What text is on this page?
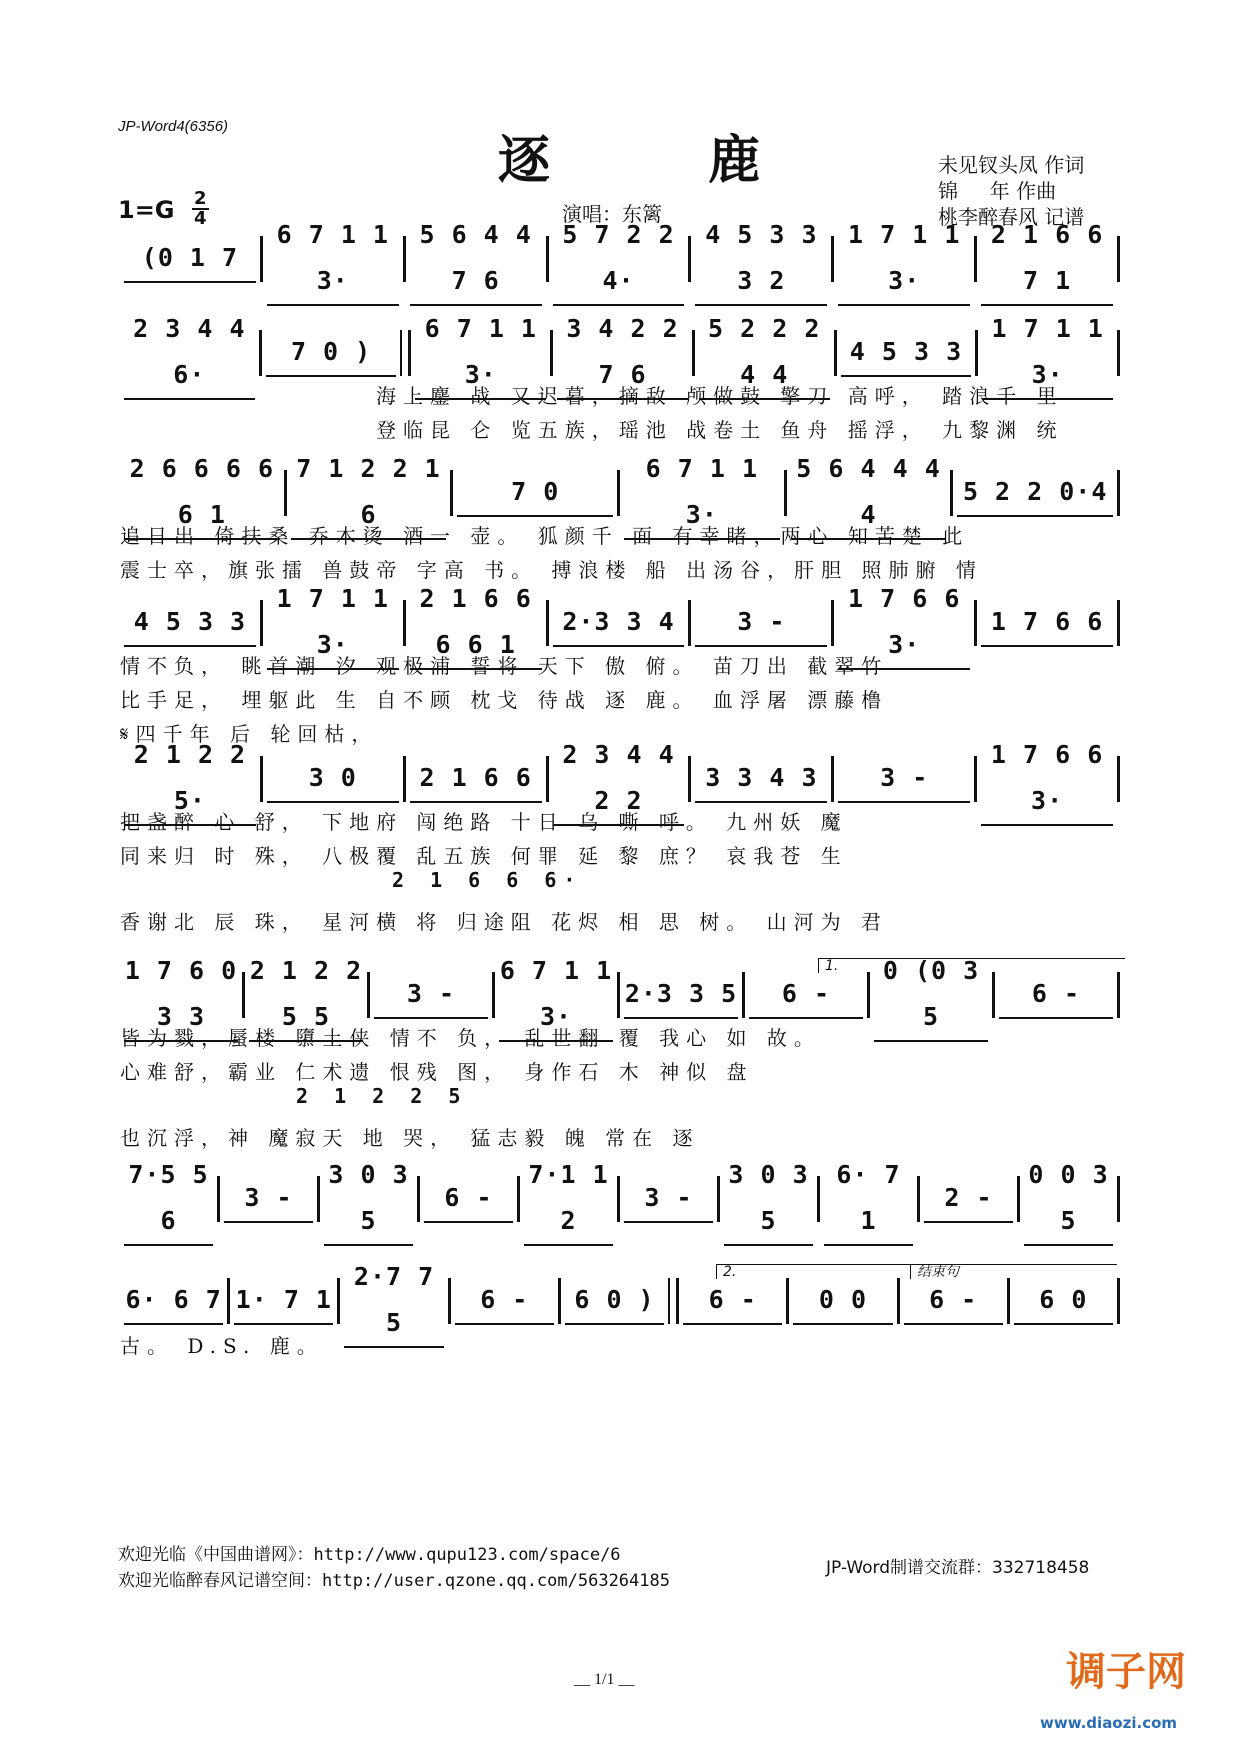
JP-Word4(6356)
逐 鹿	未见钗头凤 作词
锦     年 作曲
桃李醉春风 记谱
$1=G \frac{2}{4}$	演唱：东篱
(0 1 7
6 7 1 1 3·
5 6 4 4 7 6
5 7 2 2 4·
4 5 3 3 3 2
1 7 1 1 3·
2 1 6 6 7 1
2 3 4 4 6·
7 0 )
6 7 1 1 3·
3 4 2 2 7 6
5 2 2 2 4 4
4 5 3 3
1 7 1 1 3·
海上鏖 战 又迟暮，摘敌 颅做鼓 擎刀 高呼， 踏浪千 里
登临昆 仑 览五族，瑶池 战卷土 鱼舟 摇浮， 九黎渊 统
2 6 6 6 6 6 1
7 1 2 2 1 6
7 0
6 7 1 1 3·
5 6 4 4 4 4
5 2 2 0·4
追日出 倚扶桑 乔木烫 酒一 壶。 狐颜千 面 有幸睹，两心 知苦楚 此
震士卒，旗张擂 兽鼓帝 字高 书。 搏浪楼 船 出汤谷，肝胆 照肺腑 情
4 5 3 3
1 7 1 1 3·
2 1 6 6 6 6 1
2·3 3 4	3 -
1 7 6 6 3·
1 7 6 6
情不负， 眺首潮 汐 观极浦 誓将 天下 傲 俯。 苗刀出 截翠竹
比手足， 埋躯此 生 自不顾 枕戈 待战 逐 鹿。 血浮屠 漂藤橹
𝄋四千年 后 轮回枯，
2 1 2 2 5·
3 0	2 1 6 6
2 3 4 4 2 2
3 3 4 3	3 -
1 7 6 6 3·
2 1 6 6 6·
把盏醉 心 舒， 下地府 闯绝路 十日 乌 嘶 呼。 九州妖 魔
同来归 时 殊， 八极覆 乱五族 何罪 延 黎 庶？ 哀我苍 生
香谢北 辰 珠， 星河横 将 归途阻 花烬 相 思 树。 山河为 君
1.
1 7 6 0 3 3
2 1 2 2 5 5
3 -
6 7 1 1 3·
2·3 3 5	6 -
0 (0 3 5
6 -
2 1 2 2 5
皆为戮，蜃楼 隳土侠 情不 负， 乱世翻 覆 我心 如 故。
心难舒，霸业 仁术遗 恨残 图， 身作石 木 神似 盘
也沉浮，神 魔寂天 地 哭， 猛志毅 魄 常在 逐
7·5 5 6
3 -
3 0 3 5
6 -
7·1 1 2
3 -
3 0 3 5
6· 7 1
2 -
0 0 3 5
2.	结束句
6· 6 7 1· 7 1
2·7 7 5
6 -	6 0 )	6 -	0 0	6 -	6 0
古。 D.S. 鹿。
欢迎光临《中国曲谱网》：http://www.qupu123.com/space/6
欢迎光临醉春风记谱空间：http://user.qzone.qq.com/563264185
JP-Word制谱交流群：332718458
__ 1/1 __	调子网
www.diaozi.com
